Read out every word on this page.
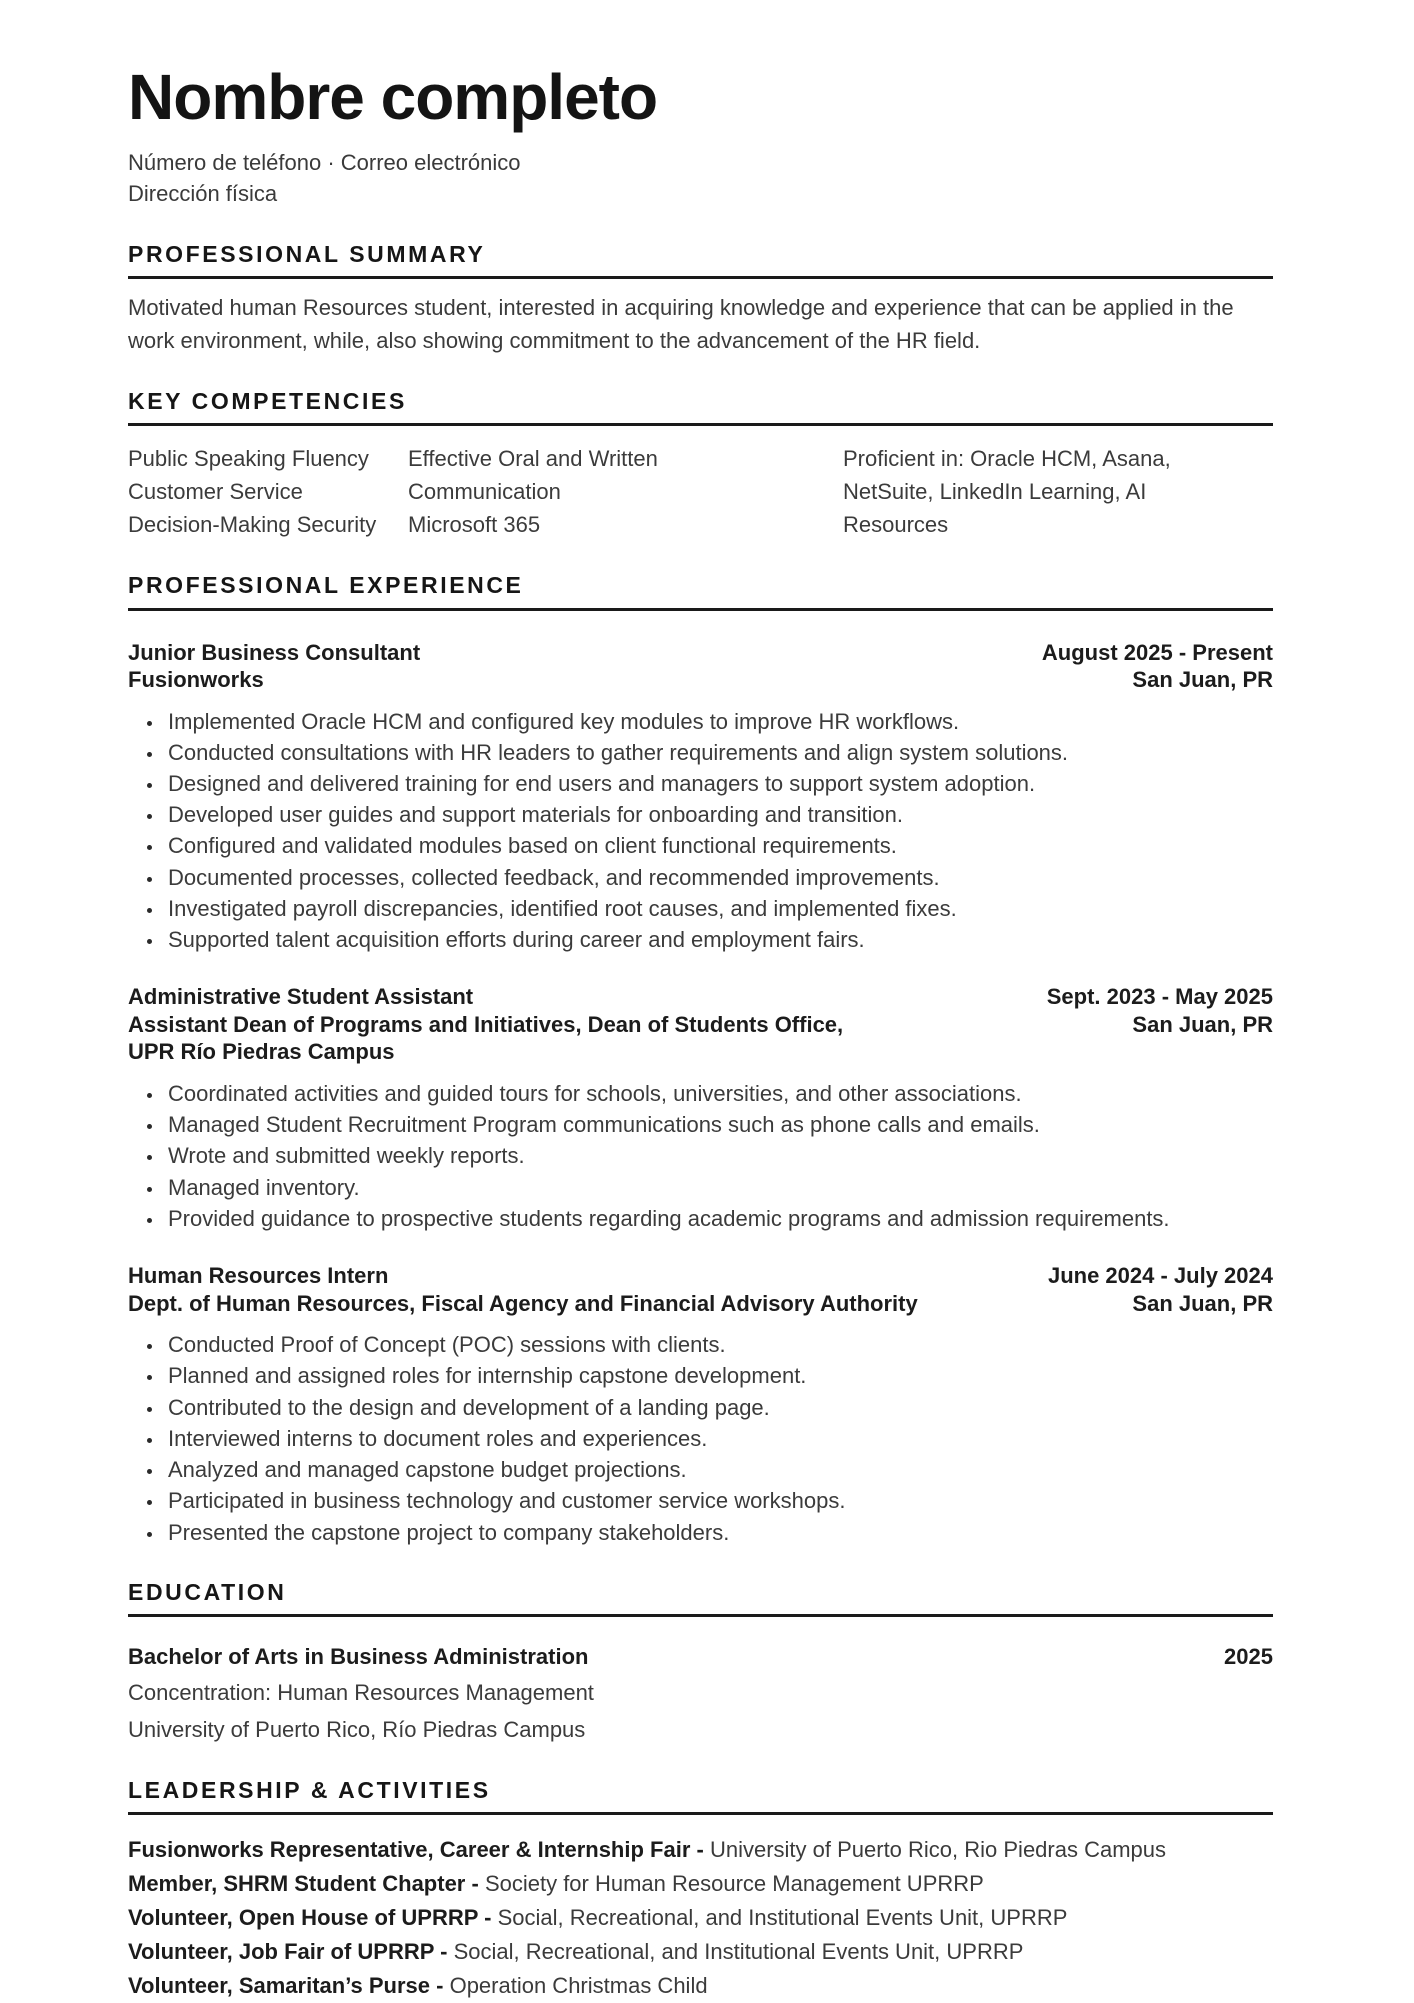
Nombre completo
Número de teléfono · Correo electrónico
Dirección física
PROFESSIONAL SUMMARY
Motivated human Resources student, interested in acquiring knowledge and experience that can be applied in the work environment, while, also showing commitment to the advancement of the HR field.
KEY COMPETENCIES
Public Speaking Fluency
Customer Service
Decision-Making Security
Effective Oral and Written Communication
Microsoft 365
Proficient in: Oracle HCM, Asana, NetSuite, LinkedIn Learning, AI Resources
PROFESSIONAL EXPERIENCE
Junior Business Consultant
Fusionworks
August 2025 - Present
San Juan, PR
• Implemented Oracle HCM and configured key modules to improve HR workflows.
• Conducted consultations with HR leaders to gather requirements and align system solutions.
• Designed and delivered training for end users and managers to support system adoption.
• Developed user guides and support materials for onboarding and transition.
• Configured and validated modules based on client functional requirements.
• Documented processes, collected feedback, and recommended improvements.
• Investigated payroll discrepancies, identified root causes, and implemented fixes.
• Supported talent acquisition efforts during career and employment fairs.
Administrative Student Assistant
Assistant Dean of Programs and Initiatives, Dean of Students Office,
UPR Río Piedras Campus
Sept. 2023 - May 2025
San Juan, PR
• Coordinated activities and guided tours for schools, universities, and other associations.
• Managed Student Recruitment Program communications such as phone calls and emails.
• Wrote and submitted weekly reports.
• Managed inventory.
• Provided guidance to prospective students regarding academic programs and admission requirements.
Human Resources Intern
Dept. of Human Resources, Fiscal Agency and Financial Advisory Authority
June 2024 - July 2024
San Juan, PR
• Conducted Proof of Concept (POC) sessions with clients.
• Planned and assigned roles for internship capstone development.
• Contributed to the design and development of a landing page.
• Interviewed interns to document roles and experiences.
• Analyzed and managed capstone budget projections.
• Participated in business technology and customer service workshops.
• Presented the capstone project to company stakeholders.
EDUCATION
Bachelor of Arts in Business Administration	2025
Concentration: Human Resources Management
University of Puerto Rico, Río Piedras Campus
LEADERSHIP & ACTIVITIES
Fusionworks Representative, Career & Internship Fair - University of Puerto Rico, Rio Piedras Campus
Member, SHRM Student Chapter - Society for Human Resource Management UPRRP
Volunteer, Open House of UPRRP - Social, Recreational, and Institutional Events Unit, UPRRP
Volunteer, Job Fair of UPRRP - Social, Recreational, and Institutional Events Unit, UPRRP
Volunteer, Samaritan’s Purse - Operation Christmas Child
